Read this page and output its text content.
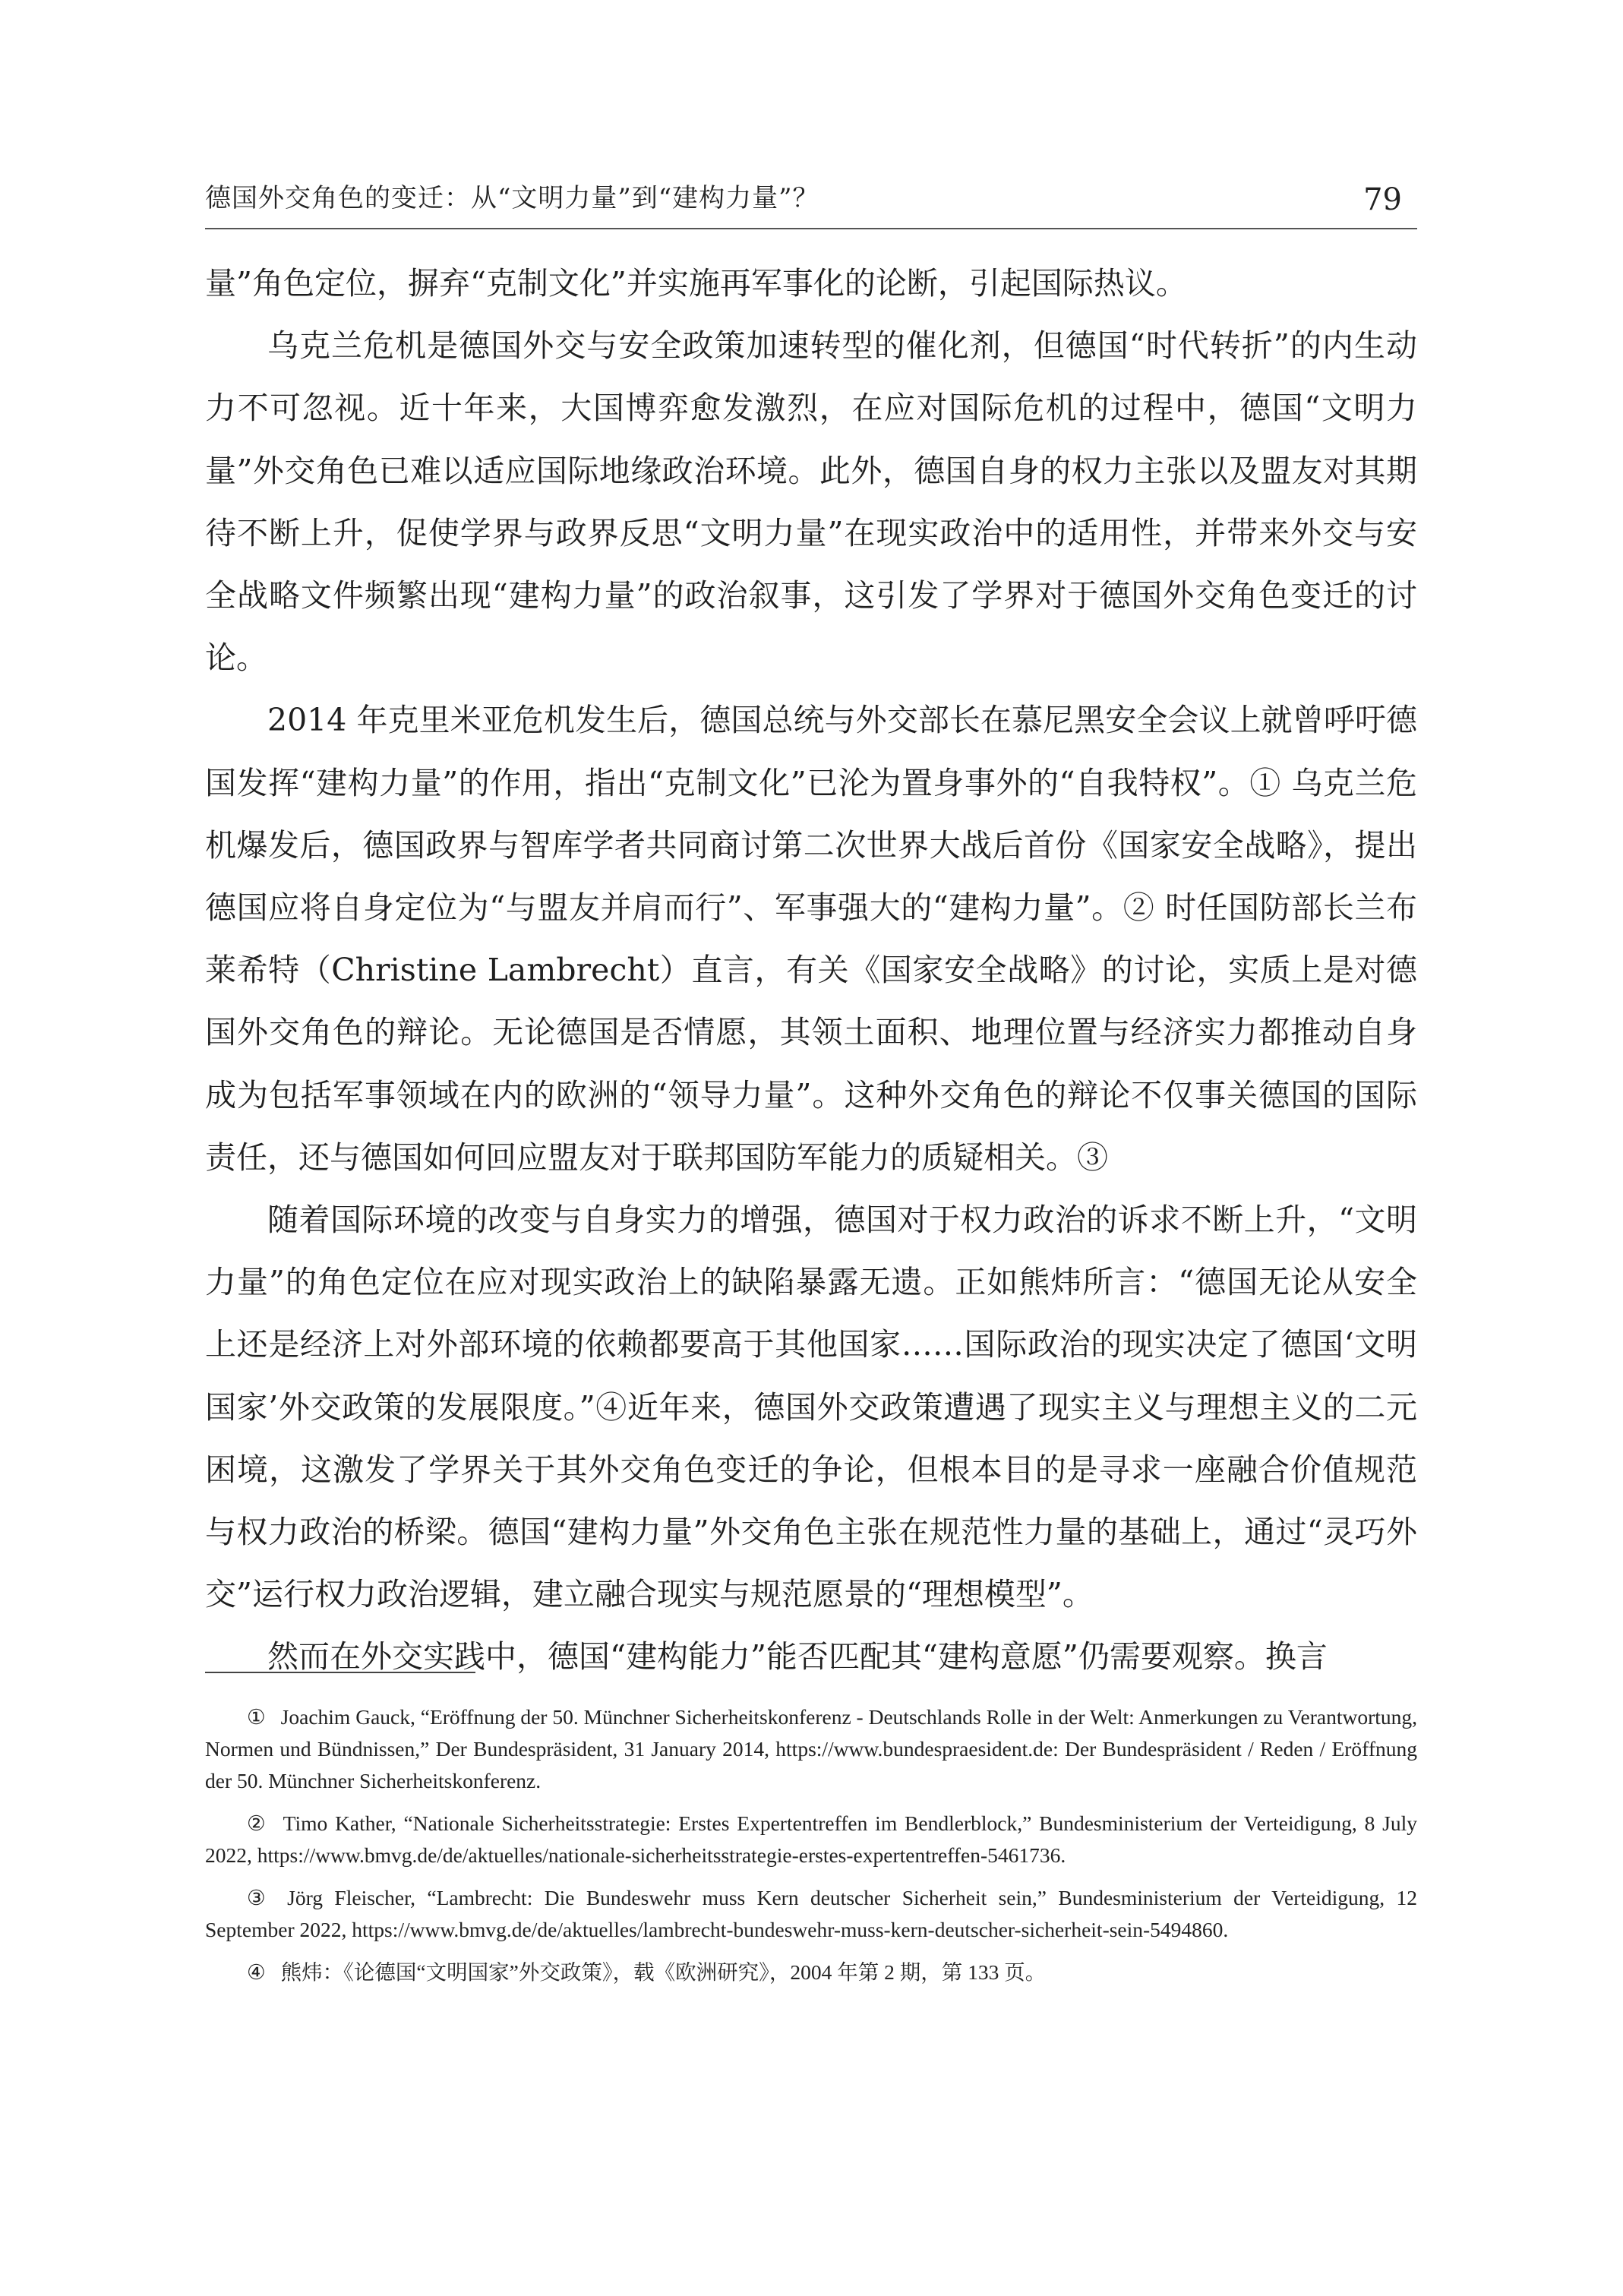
德国外交角色的变迁：从“文明力量”到“建构力量”？	79

量”角色定位，摒弃“克制文化”并实施再军事化的论断，引起国际热议。

乌克兰危机是德国外交与安全政策加速转型的催化剂，但德国“时代转折”的内生动力不可忽视。近十年来，大国博弈愈发激烈，在应对国际危机的过程中，德国“文明力量”外交角色已难以适应国际地缘政治环境。此外，德国自身的权力主张以及盟友对其期待不断上升，促使学界与政界反思“文明力量”在现实政治中的适用性，并带来外交与安全战略文件频繁出现“建构力量”的政治叙事，这引发了学界对于德国外交角色变迁的讨论。

2014 年克里米亚危机发生后，德国总统与外交部长在慕尼黑安全会议上就曾呼吁德国发挥“建构力量”的作用，指出“克制文化”已沦为置身事外的“自我特权”。① 乌克兰危机爆发后，德国政界与智库学者共同商讨第二次世界大战后首份《国家安全战略》，提出德国应将自身定位为“与盟友并肩而行”、军事强大的“建构力量”。② 时任国防部长兰布莱希特（Christine Lambrecht）直言，有关《国家安全战略》的讨论，实质上是对德国外交角色的辩论。无论德国是否情愿，其领土面积、地理位置与经济实力都推动自身成为包括军事领域在内的欧洲的“领导力量”。这种外交角色的辩论不仅事关德国的国际责任，还与德国如何回应盟友对于联邦国防军能力的质疑相关。③

随着国际环境的改变与自身实力的增强，德国对于权力政治的诉求不断上升，“文明力量”的角色定位在应对现实政治上的缺陷暴露无遗。正如熊炜所言：“德国无论从安全上还是经济上对外部环境的依赖都要高于其他国家……国际政治的现实决定了德国‘文明国家’外交政策的发展限度。”④近年来，德国外交政策遭遇了现实主义与理想主义的二元困境，这激发了学界关于其外交角色变迁的争论，但根本目的是寻求一座融合价值规范与权力政治的桥梁。德国“建构力量”外交角色主张在规范性力量的基础上，通过“灵巧外交”运行权力政治逻辑，建立融合现实与规范愿景的“理想模型”。

然而在外交实践中，德国“建构能力”能否匹配其“建构意愿”仍需要观察。换言

① Joachim Gauck, “Eröffnung der 50. Münchner Sicherheitskonferenz - Deutschlands Rolle in der Welt: Anmerkungen zu Verantwortung, Normen und Bündnissen,” Der Bundespräsident, 31 January 2014, https://www.bundespraesident.de: Der Bundespräsident / Reden / Eröffnung der 50. Münchner Sicherheitskonferenz.

② Timo Kather, “Nationale Sicherheitsstrategie: Erstes Expertentreffen im Bendlerblock,” Bundesministerium der Verteidigung, 8 July 2022, https://www.bmvg.de/de/aktuelles/nationale-sicherheitsstrategie-erstes-expertentreffen-5461736.

③ Jörg Fleischer, “Lambrecht: Die Bundeswehr muss Kern deutscher Sicherheit sein,” Bundesministerium der Verteidigung, 12 September 2022, https://www.bmvg.de/de/aktuelles/lambrecht-bundeswehr-muss-kern-deutscher-sicherheit-sein-5494860.

④ 熊炜：《论德国“文明国家”外交政策》，载《欧洲研究》，2004 年第 2 期，第 133 页。
